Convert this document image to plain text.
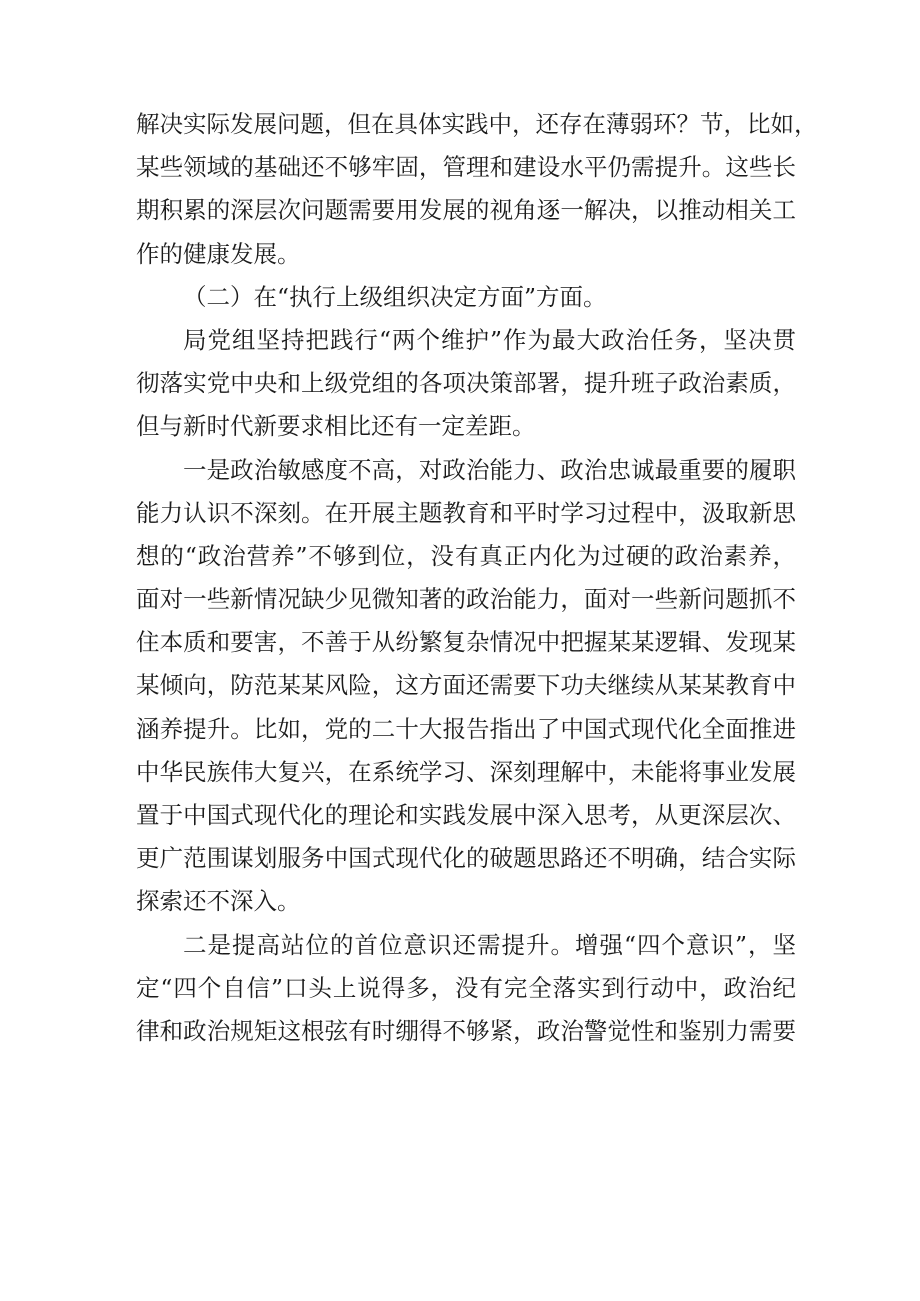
解决实际发展问题，但在具体实践中，还存在薄弱环？节，比如，
某些领域的基础还不够牢固，管理和建设水平仍需提升。这些长
期积累的深层次问题需要用发展的视角逐一解决，以推动相关工
作的健康发展。
（二）在“执行上级组织决定方面”方面。
局党组坚持把践行“两个维护”作为最大政治任务，坚决贯
彻落实党中央和上级党组的各项决策部署，提升班子政治素质，
但与新时代新要求相比还有一定差距。
一是政治敏感度不高，对政治能力、政治忠诚最重要的履职
能力认识不深刻。在开展主题教育和平时学习过程中，汲取新思
想的“政治营养”不够到位，没有真正内化为过硬的政治素养，
面对一些新情况缺少见微知著的政治能力，面对一些新问题抓不
住本质和要害，不善于从纷繁复杂情况中把握某某逻辑、发现某
某倾向，防范某某风险，这方面还需要下功夫继续从某某教育中
涵养提升。比如，党的二十大报告指出了中国式现代化全面推进
中华民族伟大复兴，在系统学习、深刻理解中，未能将事业发展
置于中国式现代化的理论和实践发展中深入思考，从更深层次、
更广范围谋划服务中国式现代化的破题思路还不明确，结合实际
探索还不深入。
二是提高站位的首位意识还需提升。增强“四个意识”，坚
定“四个自信”口头上说得多，没有完全落实到行动中，政治纪
律和政治规矩这根弦有时绷得不够紧，政治警觉性和鉴别力需要
